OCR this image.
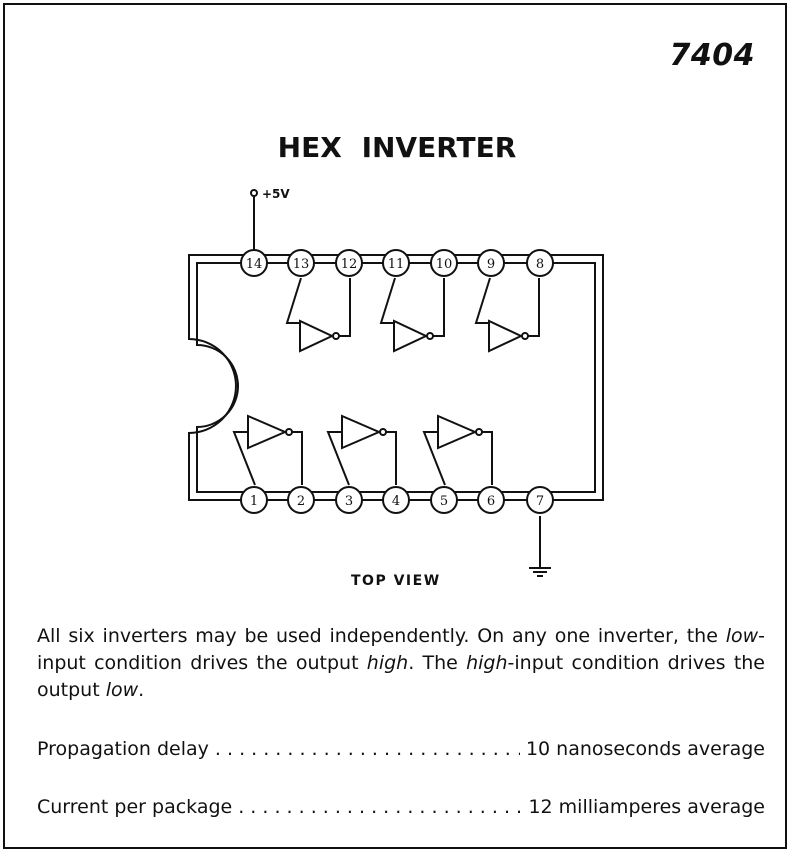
7404
HEX INVERTER
14 13 12 11 10	9	8
1	2	3	4	5	6	7
+5V
TOP VIEW
All six inverters may be used independently. On any one inverter, the low-input condition drives the output high. The high-input condition drives the output low.
Propagation delay . . .	10 nanoseconds average
Current per package . . .	12 milliamperes average
